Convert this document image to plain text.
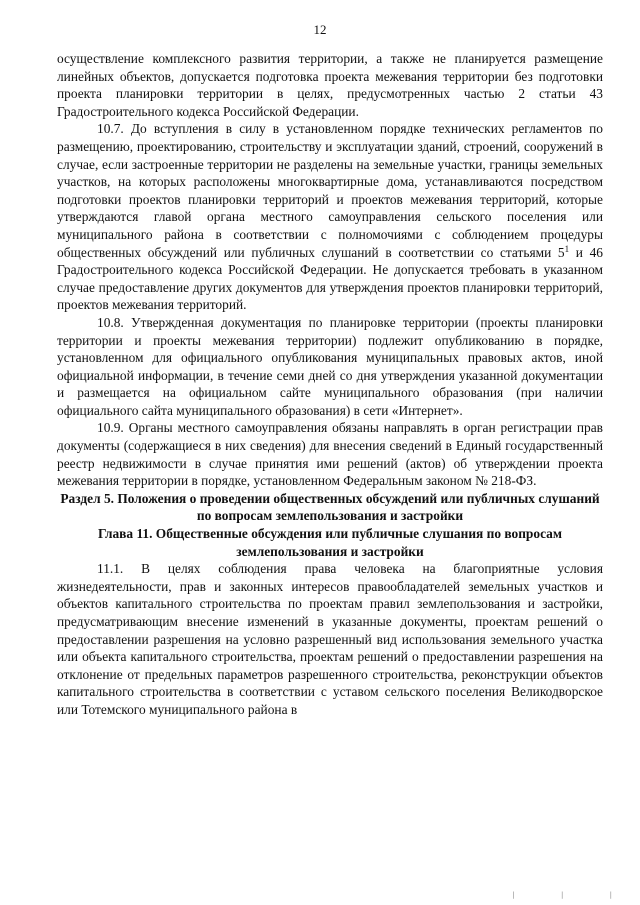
12

осуществление комплексного развития территории, а также не планируется размещение линейных объектов, допускается подготовка проекта межевания территории без подготовки проекта планировки территории в целях, предусмотренных частью 2 статьи 43 Градостроительного кодекса Российской Федерации.

10.7. До вступления в силу в установленном порядке технических регламентов по размещению, проектированию, строительству и эксплуатации зданий, строений, сооружений в случае, если застроенные территории не разделены на земельные участки, границы земельных участков, на которых расположены многоквартирные дома, устанавливаются посредством подготовки проектов планировки территорий и проектов межевания территорий, которые утверждаются главой органа местного самоуправления сельского поселения или муниципального района в соответствии с полномочиями с соблюдением процедуры общественных обсуждений или публичных слушаний в соответствии со статьями $5^1$ и 46 Градостроительного кодекса Российской Федерации. Не допускается требовать в указанном случае предоставление других документов для утверждения проектов планировки территорий, проектов межевания территорий.

10.8. Утвержденная документация по планировке территории (проекты планировки территории и проекты межевания территории) подлежит опубликованию в порядке, установленном для официального опубликования муниципальных правовых актов, иной официальной информации, в течение семи дней со дня утверждения указанной документации и размещается на официальном сайте муниципального образования (при наличии официального сайта муниципального образования) в сети «Интернет».

10.9. Органы местного самоуправления обязаны направлять в орган регистрации прав документы (содержащиеся в них сведения) для внесения сведений в Единый государственный реестр недвижимости в случае принятия ими решений (актов) об утверждении проекта межевания территории в порядке, установленном Федеральным законом № 218-ФЗ.

Раздел 5. Положения о проведении общественных обсуждений или публичных слушаний по вопросам землепользования и застройки

Глава 11. Общественные обсуждения или публичные слушания по вопросам землепользования и застройки

11.1. В целях соблюдения права человека на благоприятные условия жизнедеятельности, прав и законных интересов правообладателей земельных участков и объектов капитального строительства по проектам правил землепользования и застройки, предусматривающим внесение изменений в указанные документы, проектам решений о предоставлении разрешения на условно разрешенный вид использования земельного участка или объекта капитального строительства, проектам решений о предоставлении разрешения на отклонение от предельных параметров разрешенного строительства, реконструкции объектов капитального строительства в соответствии с уставом сельского поселения Великодворское или Тотемского муниципального района в

| | |
